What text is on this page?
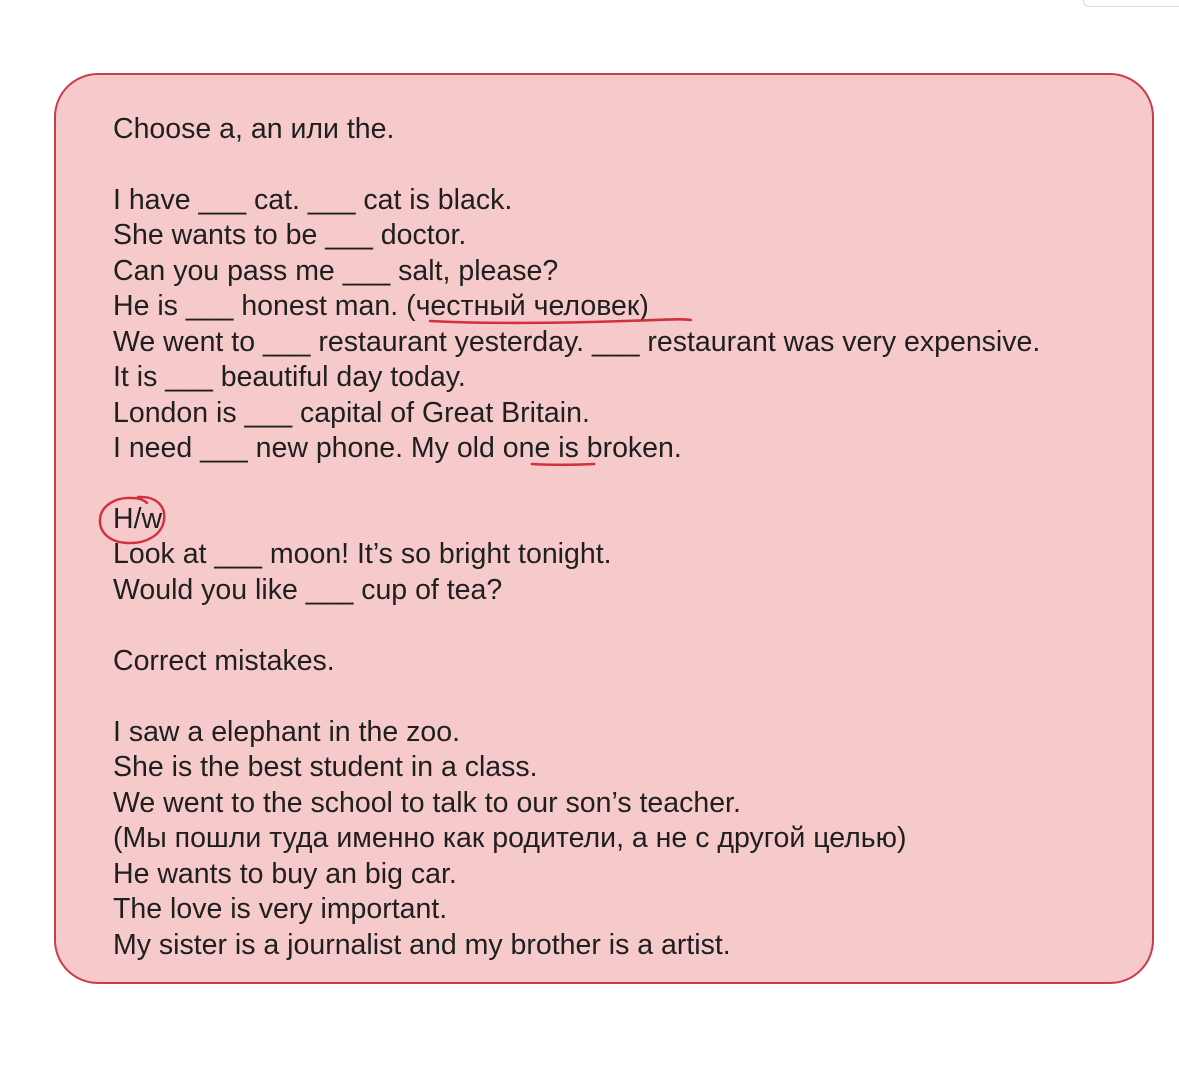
Choose a, an или the.
I have ___ cat. ___ cat is black.
She wants to be ___ doctor.
Can you pass me ___ salt, please?
He is ___ honest man. (честный человек)
We went to ___ restaurant yesterday. ___ restaurant was very expensive.
It is ___ beautiful day today.
London is ___ capital of Great Britain.
I need ___ new phone. My old one is broken.
H/w
Look at ___ moon! It’s so bright tonight.
Would you like ___ cup of tea?
Correct mistakes.
I saw a elephant in the zoo.
She is the best student in a class.
We went to the school to talk to our son’s teacher.
(Мы пошли туда именно как родители, а не с другой целью)
He wants to buy an big car.
The love is very important.
My sister is a journalist and my brother is a artist.
